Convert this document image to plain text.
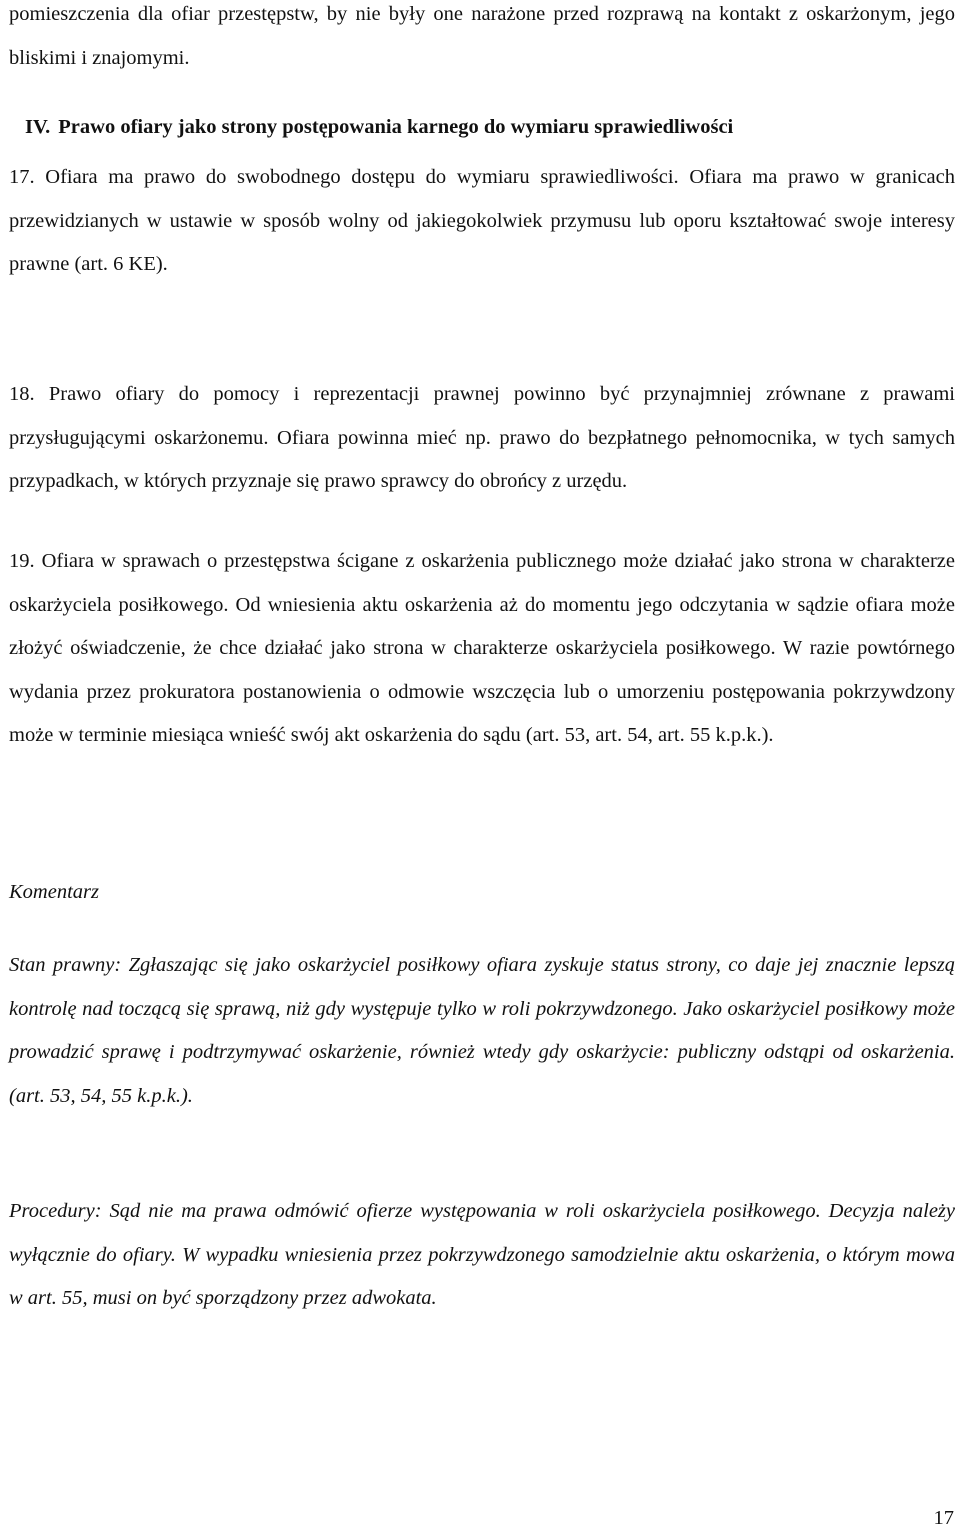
pomieszczenia dla ofiar przestępstw, by nie były one narażone przed rozprawą na kontakt z oskarżonym, jego bliskimi i znajomymi.

IV. Prawo ofiary jako strony postępowania karnego do wymiaru sprawiedliwości

17. Ofiara ma prawo do swobodnego dostępu do wymiaru sprawiedliwości. Ofiara ma prawo w granicach przewidzianych w ustawie w sposób wolny od jakiegokolwiek przymusu lub oporu kształtować swoje interesy prawne (art. 6 KE).

18. Prawo ofiary do pomocy i reprezentacji prawnej powinno być przynajmniej zrównane z prawami przysługującymi oskarżonemu. Ofiara powinna mieć np. prawo do bezpłatnego pełnomocnika, w tych samych przypadkach, w których przyznaje się prawo sprawcy do obrońcy z urzędu.

19. Ofiara w sprawach o przestępstwa ścigane z oskarżenia publicznego może działać jako strona w charakterze oskarżyciela posiłkowego. Od wniesienia aktu oskarżenia aż do momentu jego odczytania w sądzie ofiara może złożyć oświadczenie, że chce działać jako strona w charakterze oskarżyciela posiłkowego. W razie powtórnego wydania przez prokuratora postanowienia o odmowie wszczęcia lub o umorzeniu postępowania pokrzywdzony może w terminie miesiąca wnieść swój akt oskarżenia do sądu (art. 53, art. 54, art. 55 k.p.k.).

Komentarz

Stan prawny: Zgłaszając się jako oskarżyciel posiłkowy ofiara zyskuje status strony, co daje jej znacznie lepszą kontrolę nad toczącą się sprawą, niż gdy występuje tylko w roli pokrzywdzonego. Jako oskarżyciel posiłkowy może prowadzić sprawę i podtrzymywać oskarżenie, również wtedy gdy oskarżycie: publiczny odstąpi od oskarżenia. (art. 53, 54, 55 k.p.k.).

Procedury: Sąd nie ma prawa odmówić ofierze występowania w roli oskarżyciela posiłkowego. Decyzja należy wyłącznie do ofiary. W wypadku wniesienia przez pokrzywdzonego samodzielnie aktu oskarżenia, o którym mowa w art. 55, musi on być sporządzony przez adwokata.

17
